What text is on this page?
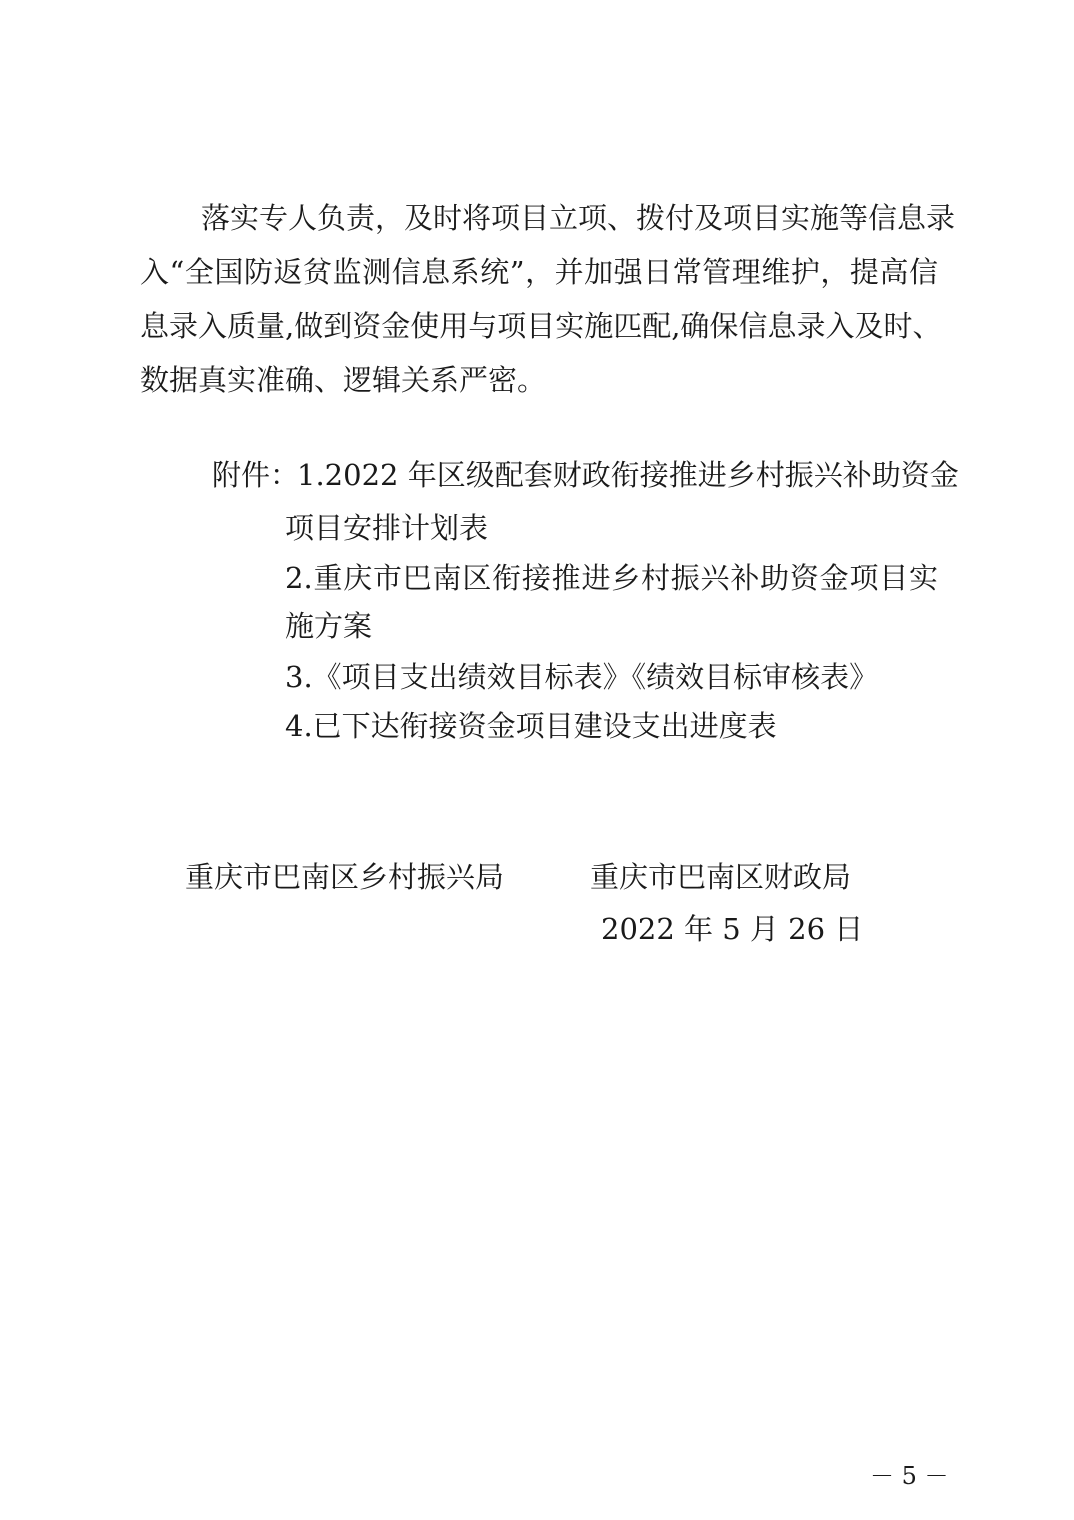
落实专人负责，及时将项目立项、拨付及项目实施等信息录
入“全国防返贫监测信息系统”，并加强日常管理维护，提高信
息录入质量,做到资金使用与项目实施匹配,确保信息录入及时、
数据真实准确、逻辑关系严密。
附件：
1.2022 年区级配套财政衔接推进乡村振兴补助资金
项目安排计划表
2.重庆市巴南区衔接推进乡村振兴补助资金项目实
施方案
3.《项目支出绩效目标表》《绩效目标审核表》
4.已下达衔接资金项目建设支出进度表
重庆市巴南区乡村振兴局	重庆市巴南区财政局
2022 年 5 月 26 日
－ 5 －
